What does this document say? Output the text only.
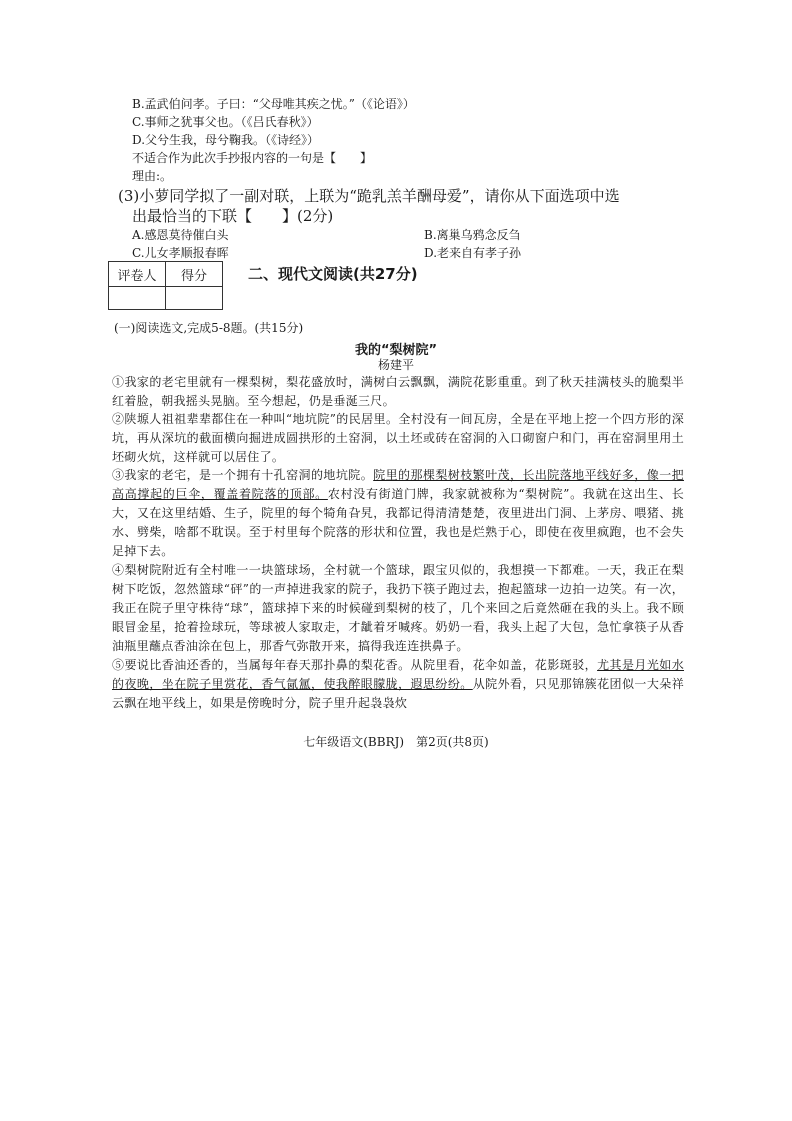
B.孟武伯问孝。子曰：“父母唯其疾之忧。”（《论语》）
C.事师之犹事父也。（《吕氏春秋》）
D.父兮生我，母兮鞠我。（《诗经》）
不适合作为此次手抄报内容的一句是【　　】
理由:。
(3)小萝同学拟了一副对联，上联为“跪乳羔羊酬母爱”，请你从下面选项中选
出最恰当的下联【　　】(2分)
A.感恩莫待催白头	B.离巢乌鸦念反刍
C.儿女孝顺报春晖	D.老来自有孝子孙
评卷人	得分
		二、现代文阅读(共27分)
(一)阅读选文,完成5-8题。(共15分)
我的“梨树院”
杨建平
①我家的老宅里就有一棵梨树，梨花盛放时，满树白云飘飘，满院花影重重。到了秋天挂满枝头的脆梨半红着脸，朝我摇头晃脑。至今想起，仍是垂涎三尺。
②陕塬人祖祖辈辈都住在一种叫“地坑院”的民居里。全村没有一间瓦房，全是在平地上挖一个四方形的深坑，再从深坑的截面横向掘进成圆拱形的土窑洞，以土坯或砖在窑洞的入口砌窗户和门，再在窑洞里用土坯砌火炕，这样就可以居住了。
③我家的老宅，是一个拥有十孔窑洞的地坑院。院里的那棵梨树枝繁叶茂，长出院落地平线好多，像一把高高撑起的巨伞，覆盖着院落的顶部。农村没有街道门牌，我家就被称为“梨树院”。我就在这出生、长大，又在这里结婚、生子，院里的每个犄角旮旯，我都记得清清楚楚，夜里进出门洞、上茅房、喂猪、挑水、劈柴，啥都不耽误。至于村里每个院落的形状和位置，我也是烂熟于心，即使在夜里疯跑，也不会失足掉下去。
④梨树院附近有全村唯一一块篮球场，全村就一个篮球，跟宝贝似的，我想摸一下都难。一天，我正在梨树下吃饭，忽然篮球“砰”的一声掉进我家的院子，我扔下筷子跑过去，抱起篮球一边拍一边笑。有一次，我正在院子里守株待“球”，篮球掉下来的时候碰到梨树的枝了，几个来回之后竟然砸在我的头上。我不顾眼冒金星，抢着捡球玩，等球被人家取走，才龇着牙喊疼。奶奶一看，我头上起了大包，急忙拿筷子从香油瓶里蘸点香油涂在包上，那香气弥散开来，搞得我连连拱鼻子。
⑤要说比香油还香的，当属每年春天那扑鼻的梨花香。从院里看，花伞如盖，花影斑驳，尤其是月光如水的夜晚，坐在院子里赏花，香气氤氲，使我醉眼朦胧，遐思纷纷。从院外看，只见那锦簇花团似一大朵祥云飘在地平线上，如果是傍晚时分，院子里升起袅袅炊
七年级语文(BBRJ)　第2页(共8页)
